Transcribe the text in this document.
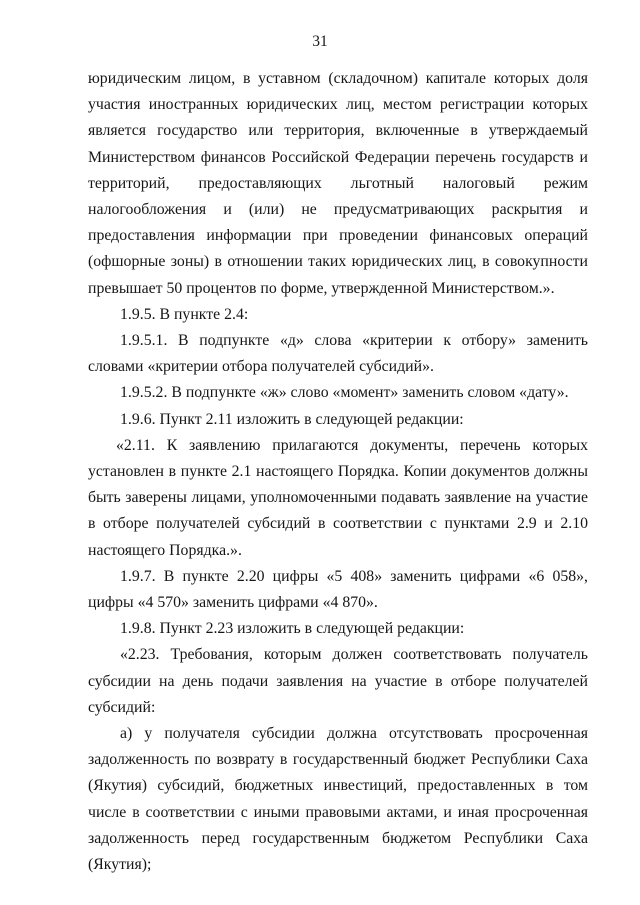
31

юридическим лицом, в уставном (складочном) капитале которых доля участия иностранных юридических лиц, местом регистрации которых является государство или территория, включенные в утверждаемый Министерством финансов Российской Федерации перечень государств и территорий, предоставляющих льготный налоговый режим налогообложения и (или) не предусматривающих раскрытия и предоставления информации при проведении финансовых операций (офшорные зоны) в отношении таких юридических лиц, в совокупности превышает 50 процентов по форме, утвержденной Министерством.».

1.9.5. В пункте 2.4:

1.9.5.1. В подпункте «д» слова «критерии к отбору» заменить словами «критерии отбора получателей субсидий».

1.9.5.2. В подпункте «ж» слово «момент» заменить словом «дату».

1.9.6. Пункт 2.11 изложить в следующей редакции:

«2.11. К заявлению прилагаются документы, перечень которых установлен в пункте 2.1 настоящего Порядка. Копии документов должны быть заверены лицами, уполномоченными подавать заявление на участие в отборе получателей субсидий в соответствии с пунктами 2.9 и 2.10 настоящего Порядка.».

1.9.7. В пункте 2.20 цифры «5 408» заменить цифрами «6 058», цифры «4 570» заменить цифрами «4 870».

1.9.8. Пункт 2.23 изложить в следующей редакции:

«2.23. Требования, которым должен соответствовать получатель субсидии на день подачи заявления на участие в отборе получателей субсидий:

а) у получателя субсидии должна отсутствовать просроченная задолженность по возврату в государственный бюджет Республики Саха (Якутия) субсидий, бюджетных инвестиций, предоставленных в том числе в соответствии с иными правовыми актами, и иная просроченная задолженность перед государственным бюджетом Республики Саха (Якутия);
